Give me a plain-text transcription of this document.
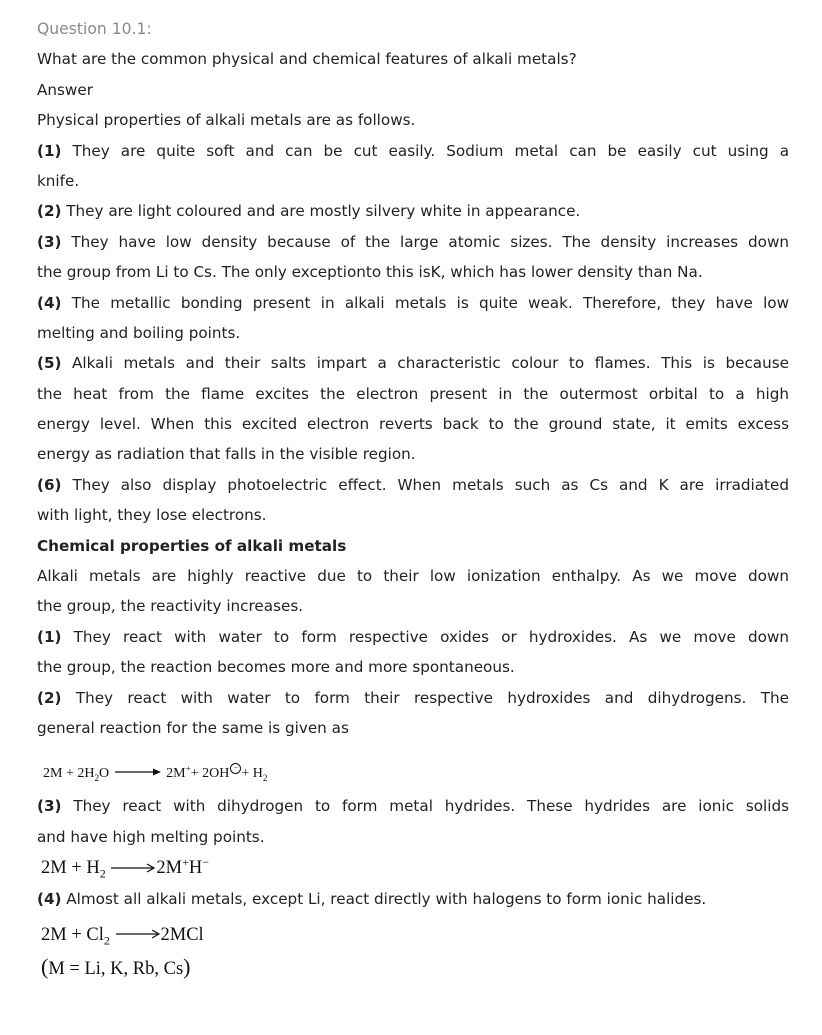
Question 10.1:
What are the common physical and chemical features of alkali metals?
Answer
Physical properties of alkali metals are as follows.
(1) They are quite soft and can be cut easily. Sodium metal can be easily cut using a
knife.
(2) They are light coloured and are mostly silvery white in appearance.
(3) They have low density because of the large atomic sizes. The density increases down
the group from Li to Cs. The only exceptionto this isK, which has lower density than Na.
(4) The metallic bonding present in alkali metals is quite weak. Therefore, they have low
melting and boiling points.
(5) Alkali metals and their salts impart a characteristic colour to flames. This is because
the heat from the flame excites the electron present in the outermost orbital to a high
energy level. When this excited electron reverts back to the ground state, it emits excess
energy as radiation that falls in the visible region.
(6) They also display photoelectric effect. When metals such as Cs and K are irradiated
with light, they lose electrons.
Chemical properties of alkali metals
Alkali metals are highly reactive due to their low ionization enthalpy. As we move down
the group, the reactivity increases.
(1) They react with water to form respective oxides or hydroxides. As we move down
the group, the reaction becomes more and more spontaneous.
(2) They react with water to form their respective hydroxides and dihydrogens. The
general reaction for the same is given as
$2M + 2H_2O \to 2M^++ 2OH$ − + $H_2$
(3) They react with dihydrogen to form metal hydrides. These hydrides are ionic solids
and have high melting points.
$2M + H_2$	2M+H−
(4) Almost all alkali metals, except Li, react directly with halogens to form ionic halides.
$2M + Cl_2$	2MCl
(M = Li, K, Rb, Cs)
